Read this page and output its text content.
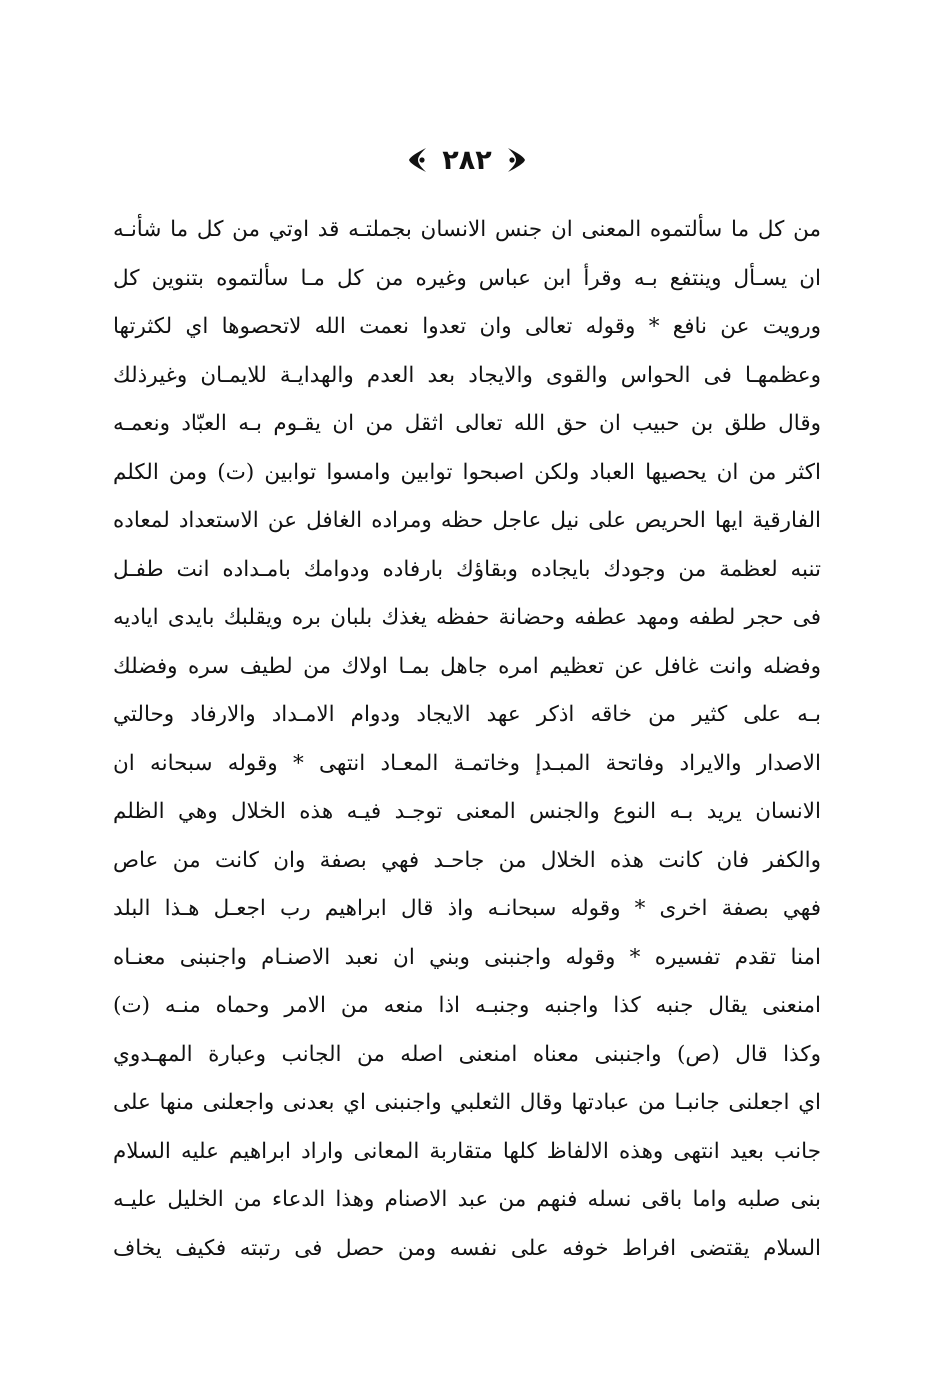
٢٨٢
من كل ما سألتموه المعنى ان جنس الانسان بجملتـه قد اوتي من كل ما شأنـه
ان يسـأل وينتفع بـه وقرأ ابن عباس وغيره من كل مـا سألتموه بتنوين كل
ورويت عن نافع * وقوله تعالى وان تعدوا نعمت الله لاتحصوها اي لكثرتها
وعظمهـا فى الحواس والقوى والايجاد بعد العدم والهدايـة للايمـان وغيرذلك
وقال طلق بن حبيب ان حق الله تعالى اثقل من ان يقـوم بـه العبّاد ونعمـه
اكثر من ان يحصيها العباد ولكن اصبحوا توابين وامسوا توابين (ت) ومن الكلم
الفارقية ايها الحريص على نيل عاجل حظه ومراده الغافل عن الاستعداد لمعاده
تنبه لعظمة من وجودك بايجاده وبقاؤك بارفاده ودوامك بامـداده انت طفـل
فى حجر لطفه ومهد عطفه وحضانة حفظه يغذك بلبان بره ويقلبك بايدى اياديه
وفضله وانت غافل عن تعظيم امره جاهل بمـا اولاك من لطيف سره وفضلك
بـه على كثير من خاقه اذكر عهد الايجاد ودوام الامـداد والارفاد وحالتي
الاصدار والايراد وفاتحة المبـدإ وخاتمـة المعـاد انتهى * وقوله سبحانه ان
الانسان يريد بـه النوع والجنس المعنى توجـد فيـه هذه الخلال وهي الظلم
والكفر فان كانت هذه الخلال من جاحـد فهي بصفة وان كانت من عاص
فهي بصفة اخرى * وقوله سبحانـه واذ قال ابراهيم رب اجعـل هـذا البلد
امنا تقدم تفسيره * وقوله واجنبنى وبني ان نعبد الاصنـام واجنبنى معنـاه
امنعنى يقال جنبه كذا واجنبه وجنبـه اذا منعه من الامر وحماه منـه (ت)
وكذا قال (ص) واجنبنى معناه امنعنى اصله من الجانب وعبارة المهـدوي
اي اجعلنى جانبـا من عبادتها وقال الثعلبي واجنبنى اي بعدنى واجعلنى منها على
جانب بعيد انتهى وهذه الالفاظ كلها متقاربة المعانى واراد ابراهيم عليه السلام
بنى صلبه واما باقى نسله فنهم من عبد الاصنام وهذا الدعاء من الخليل عليـه
السلام يقتضى افراط خوفه على نفسه ومن حصل فى رتبته فكيف يخاف
